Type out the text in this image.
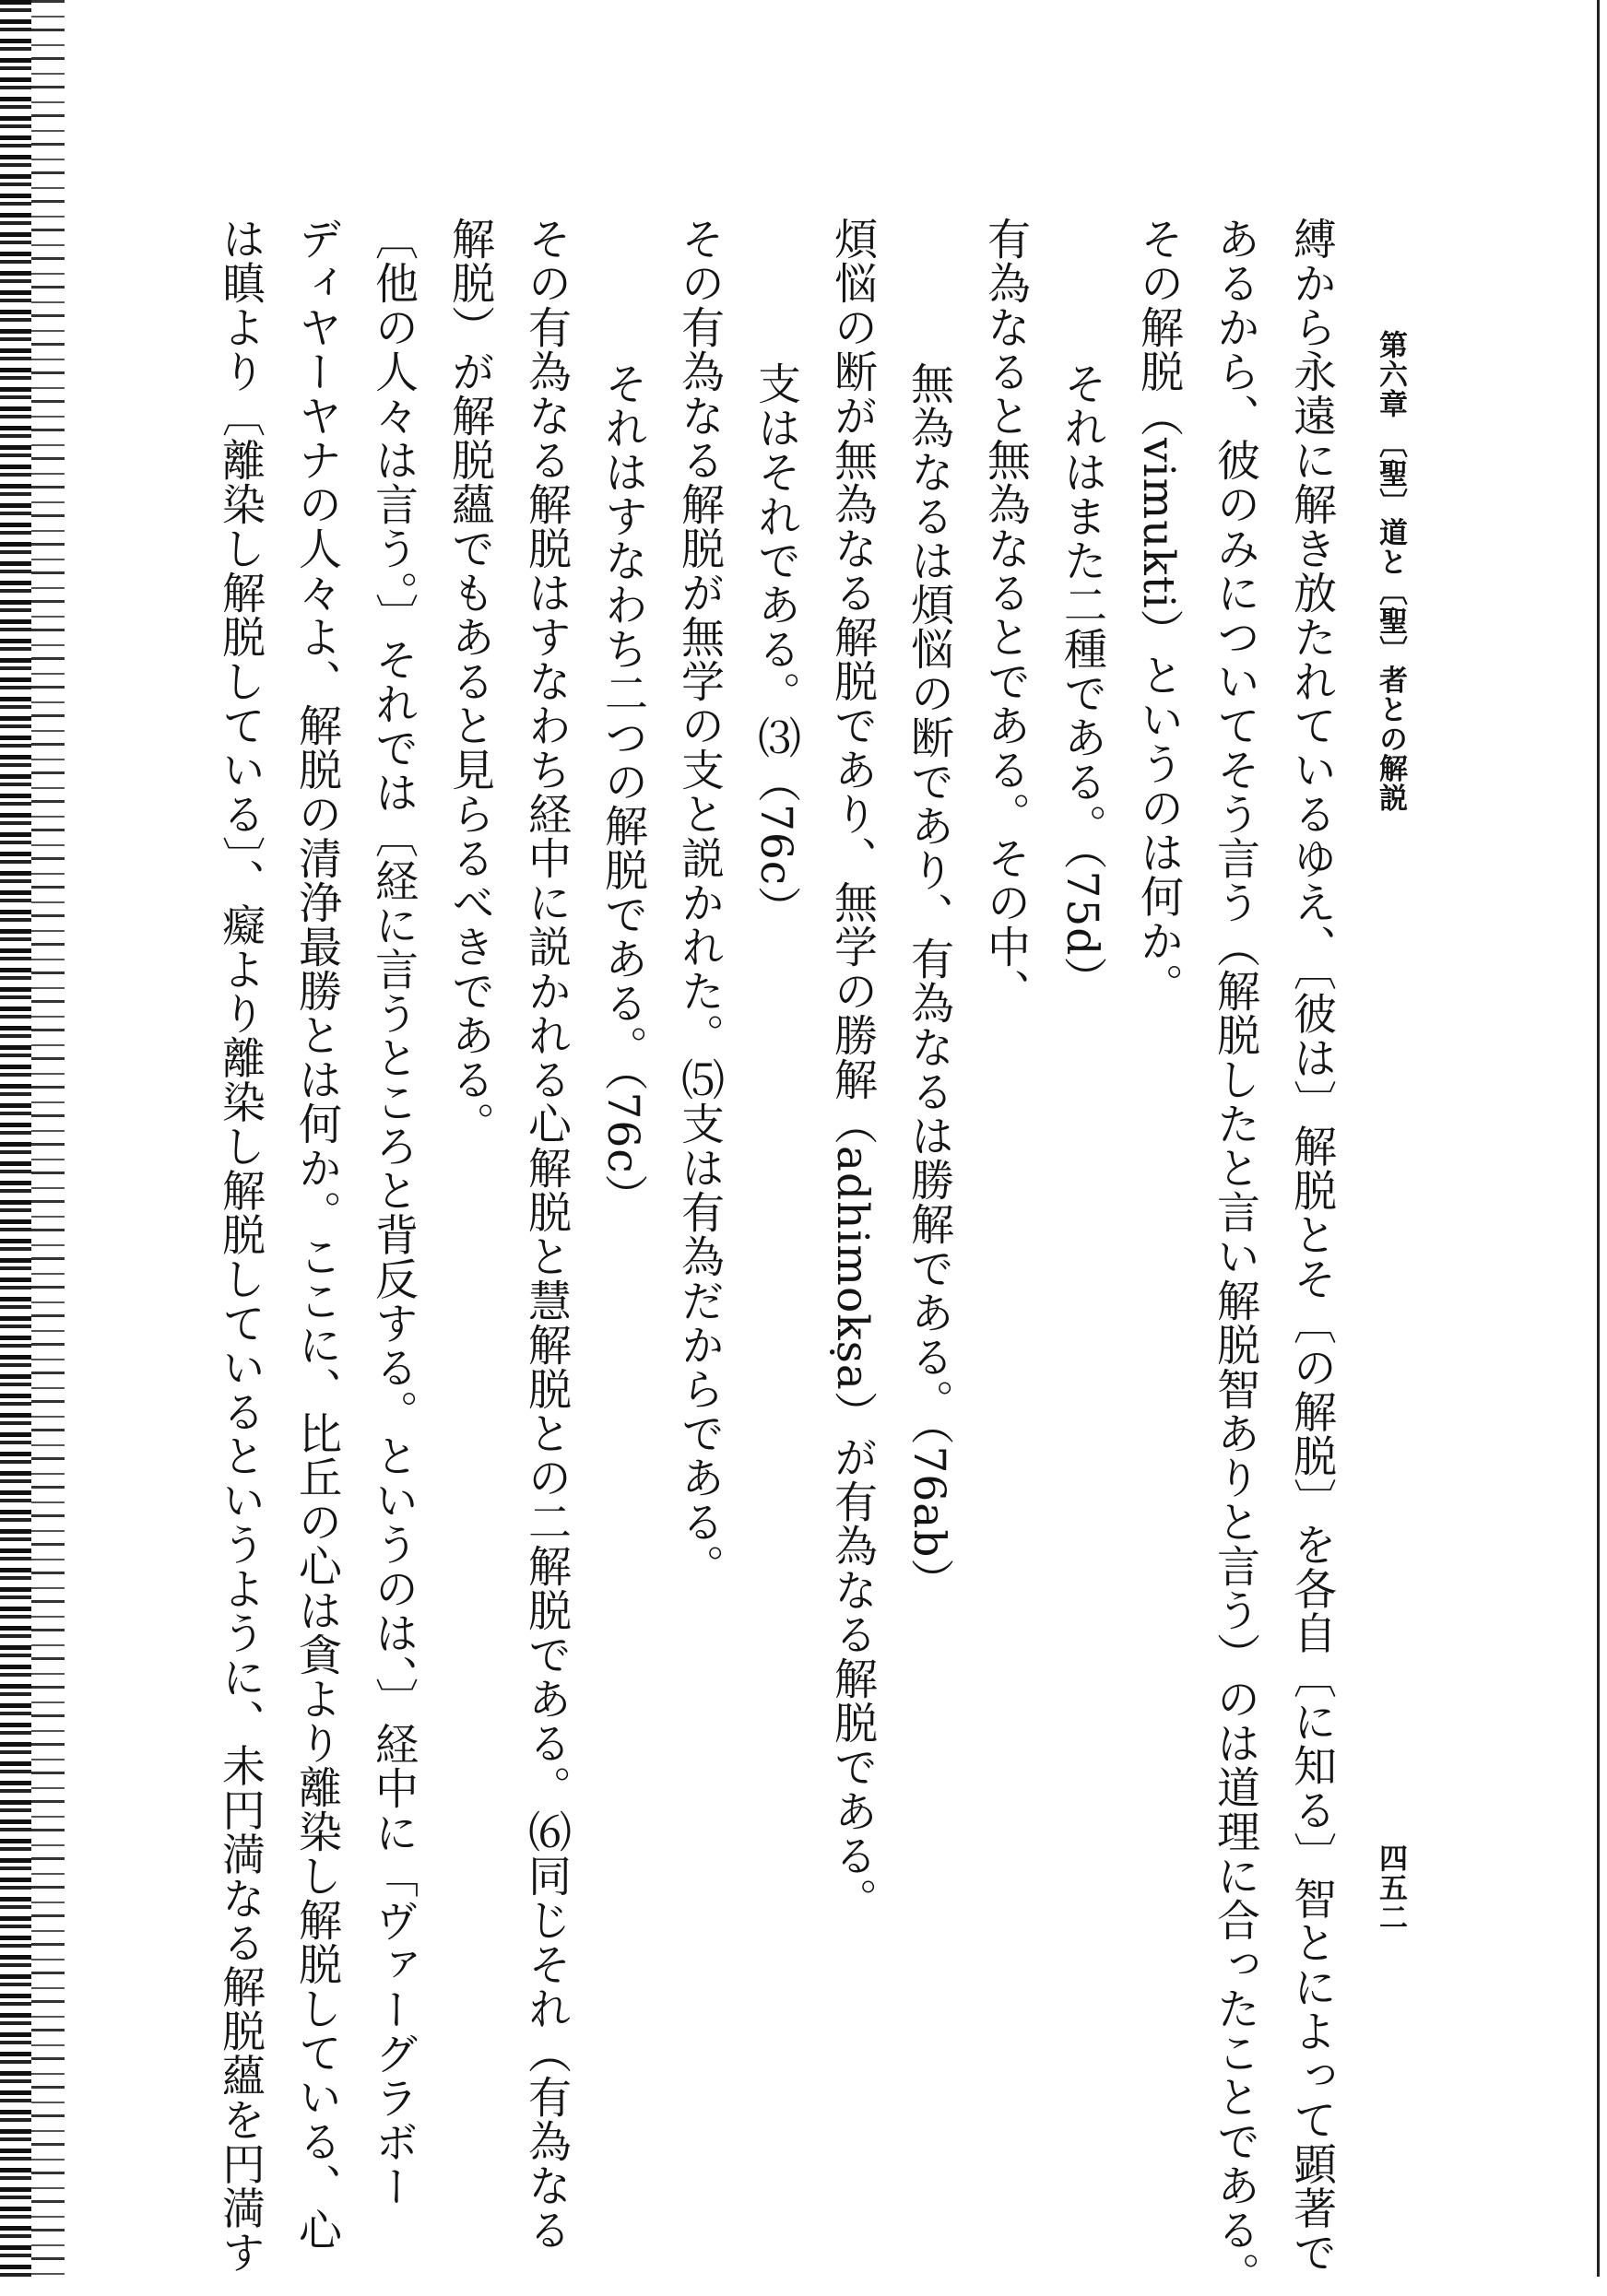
第六章 〔聖〕道と〔聖〕者との解説
四五二
縛から永遠に解き放たれているゆえ、〔彼は〕解脱とそ〔の解脱〕を各自〔に知る〕智とによって顕著で
あるから、彼のみについてそう言う（解脱したと言い解脱智ありと言う）のは道理に合ったことである。
その解脱（vimukti）というのは何か。
それはまた二種である。（75d）
有為なると無為なるとである。その中、
無為なるは煩悩の断であり、有為なるは勝解である。（76ab）
煩悩の断が無為なる解脱であり、無学の勝解（adhimokṣa）が有為なる解脱である。
支はそれである。⑶（76c）
その有為なる解脱が無学の支と説かれた。⑸支は有為だからである。
それはすなわち二つの解脱である。（76c）
その有為なる解脱はすなわち経中に説かれる心解脱と慧解脱との二解脱である。⑹同じそれ（有為なる
解脱）が解脱蘊でもあると見らるべきである。
〔他の人々は言う。〕それでは〔経に言うところと背反する。というのは、〕経中に「ヴァーグラボー
ディヤーヤナの人々よ、解脱の清浄最勝とは何か。ここに、比丘の心は貪より離染し解脱している、心
は瞋より〔離染し解脱している〕、癡より離染し解脱しているというように、未円満なる解脱蘊を円満す
